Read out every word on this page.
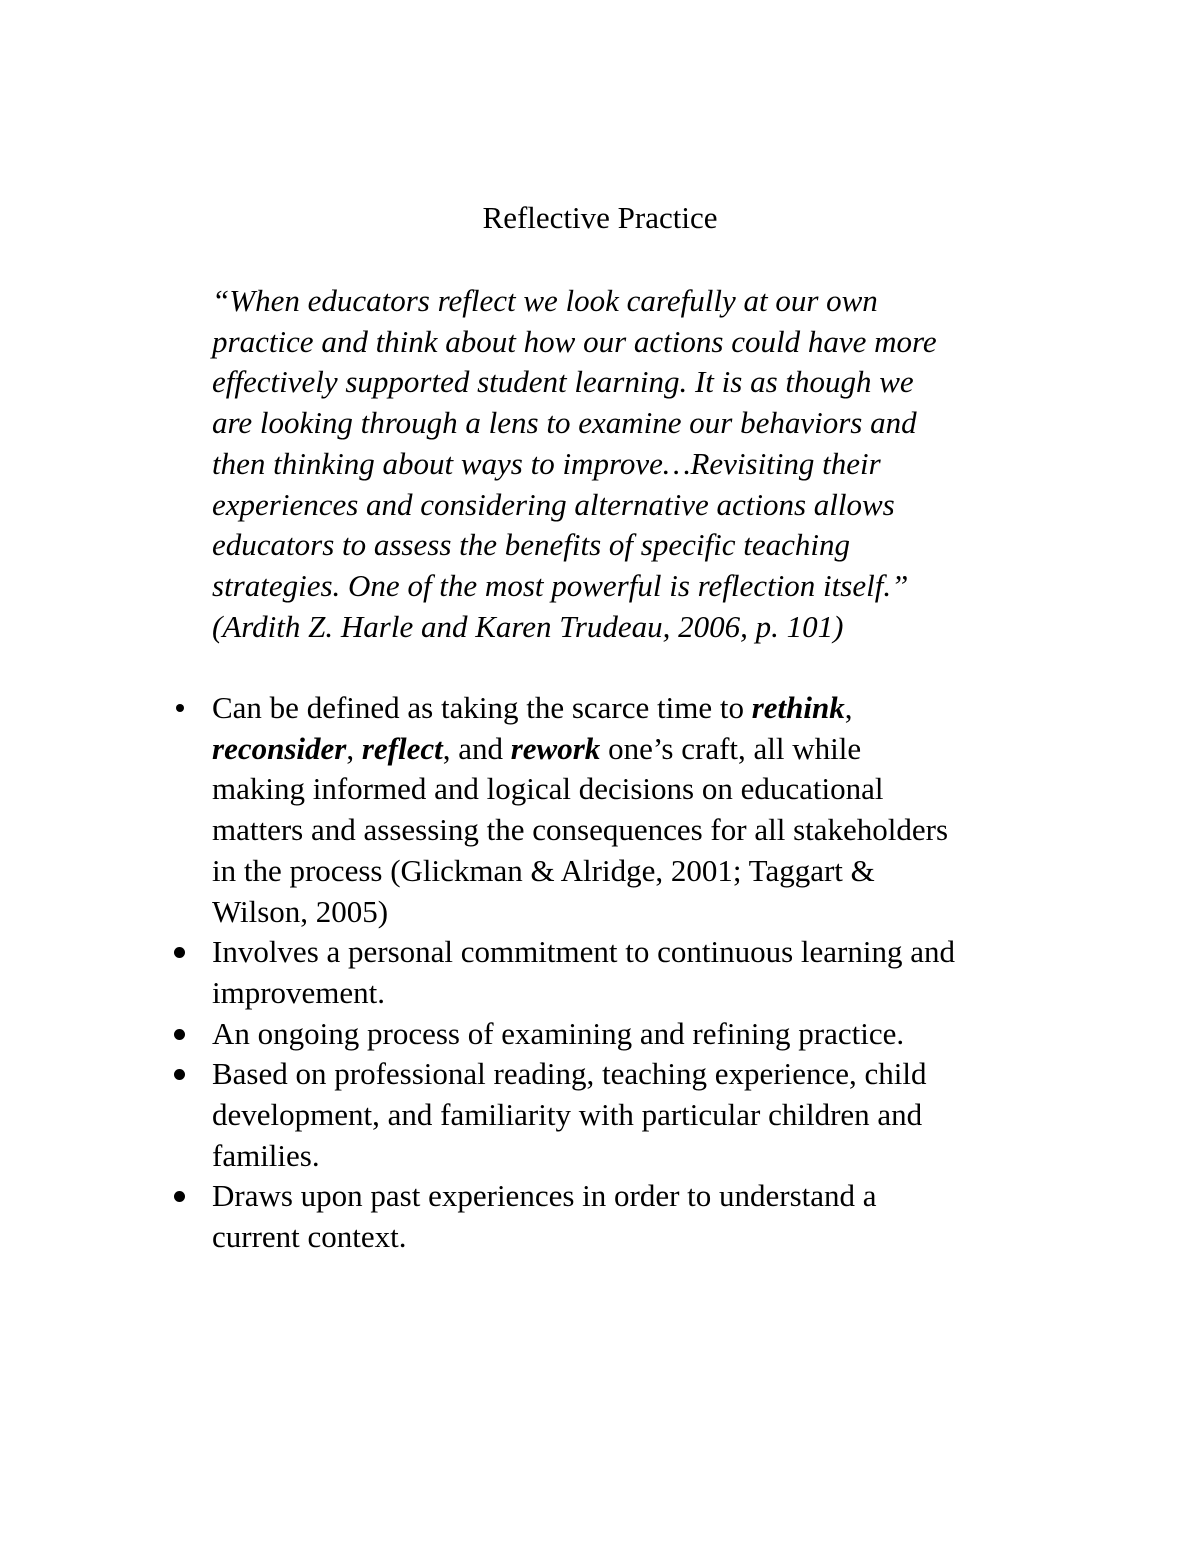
Reflective Practice
“When educators reflect we look carefully at our own
practice and think about how our actions could have more
effectively supported student learning. It is as though we
are looking through a lens to examine our behaviors and
then thinking about ways to improve…Revisiting their
experiences and considering alternative actions allows
educators to assess the benefits of specific teaching
strategies. One of the most powerful is reflection itself.”
(Ardith Z. Harle and Karen Trudeau, 2006, p. 101)
Can be defined as taking the scarce time to rethink,
reconsider, reflect, and rework one’s craft, all while
making informed and logical decisions on educational
matters and assessing the consequences for all stakeholders
in the process (Glickman & Alridge, 2001; Taggart &
Wilson, 2005)
Involves a personal commitment to continuous learning and
improvement.
An ongoing process of examining and refining practice.
Based on professional reading, teaching experience, child
development, and familiarity with particular children and
families.
Draws upon past experiences in order to understand a
current context.
